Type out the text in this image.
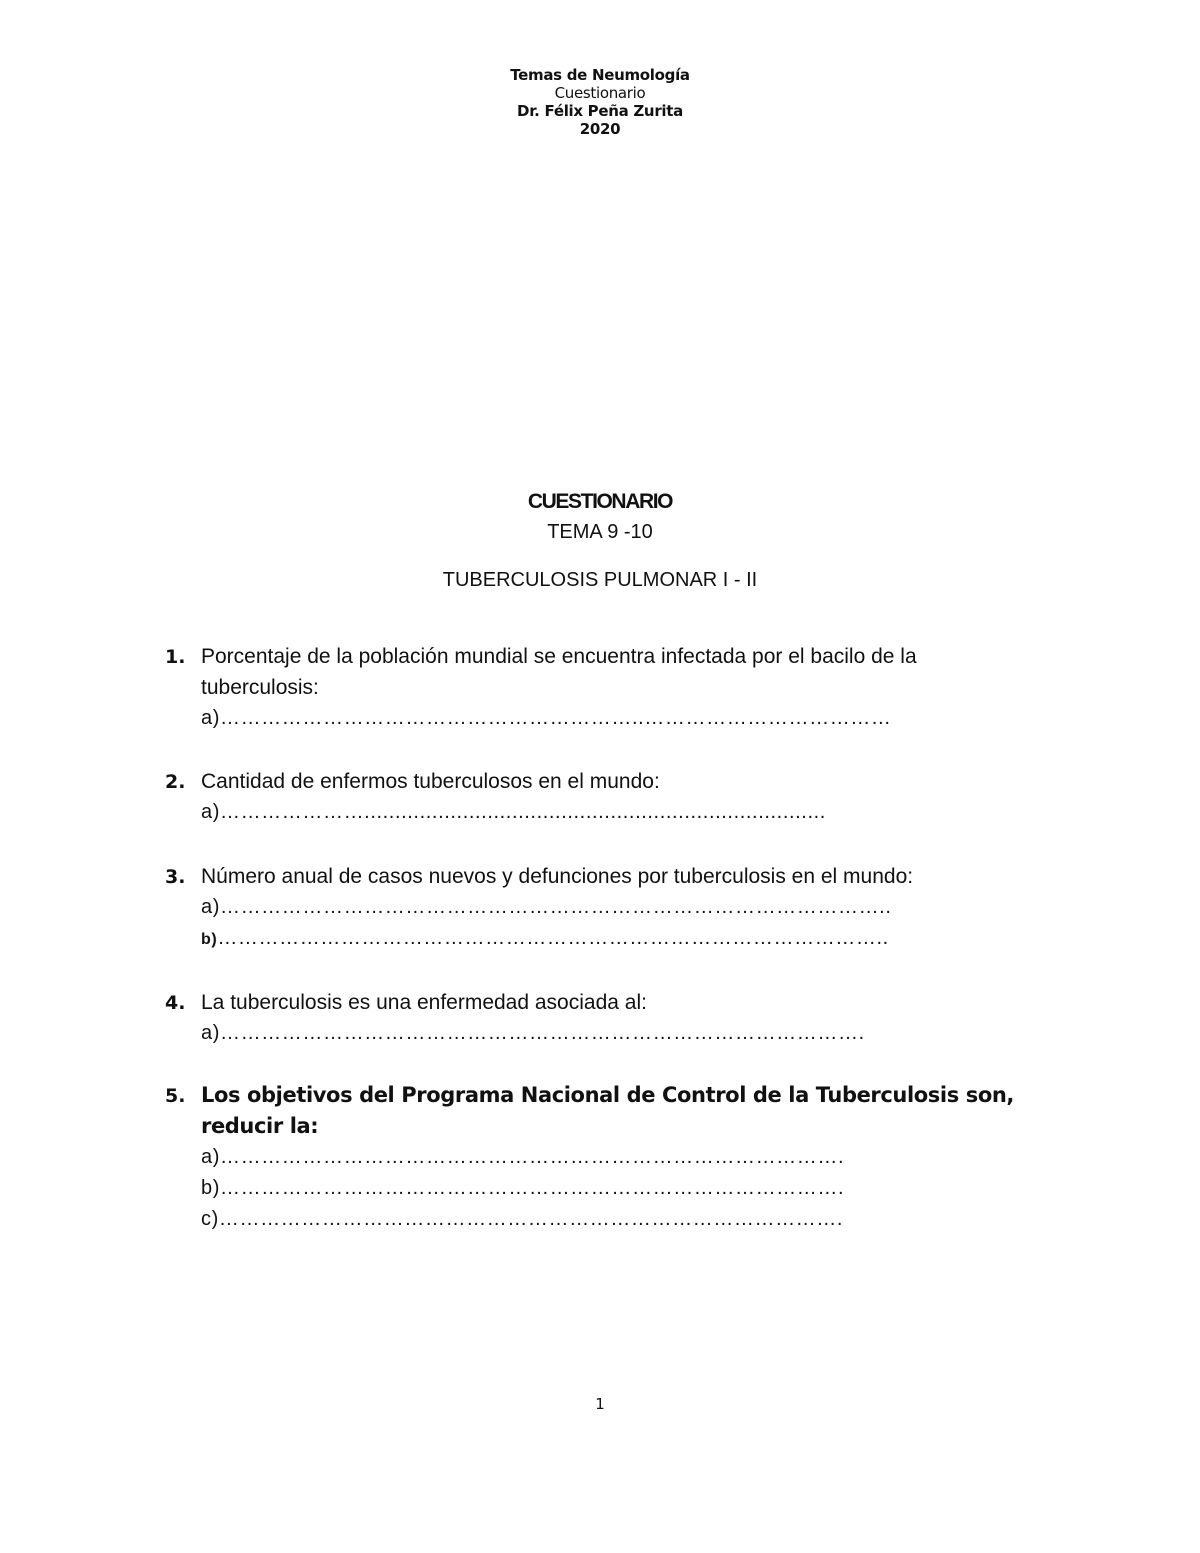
Temas de Neumología
Cuestionario
Dr. Félix Peña Zurita
2020
CUESTIONARIO
TEMA 9 -10
TUBERCULOSIS PULMONAR I - II
1. Porcentaje de la población mundial se encuentra infectada por el bacilo de la tuberculosis:
a)……………………………………………………..………………………………
2. Cantidad de enfermos tuberculosos en el mundo:
a)…………………...........................................................................
3. Número anual de casos nuevos y defunciones por tuberculosis en el mundo:
a)……………………………………………………………………………………..
b)……………………………………………………………………………………..
4. La tuberculosis es una enfermedad asociada al:
a)………………………………………………………………………………….
5. Los objetivos del Programa Nacional de Control de la Tuberculosis son, reducir la:
a)……………………………………………………………………………….
b)……………………………………………………………………………….
c)……………………………………………………………………………….
1
